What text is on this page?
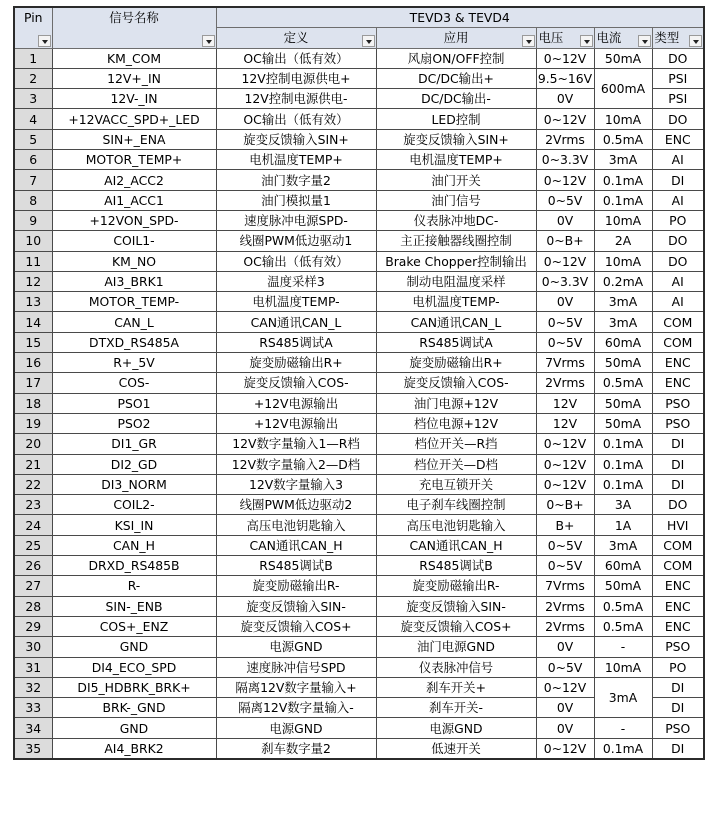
Pin	信号名称	TEVD3 & TEVD4				

		定义	应用	电压	电流	类型

1	KM_COM	OC输出（低有效）	风扇ON/OFF控制	0~12V	50mA	DO
2	12V+_IN	12V控制电源供电+	DC/DC输出+	9.5~16V	600mA	PSI
3	12V-_IN	12V控制电源供电-	DC/DC输出-	0V		PSI
4	+12VACC_SPD+_LED	OC输出（低有效）	LED控制	0~12V	10mA	DO
5	SIN+_ENA	旋变反馈输入SIN+	旋变反馈输入SIN+	2Vrms	0.5mA	ENC
6	MOTOR_TEMP+	电机温度TEMP+	电机温度TEMP+	0~3.3V	3mA	AI
7	AI2_ACC2	油门数字量2	油门开关	0~12V	0.1mA	DI
8	AI1_ACC1	油门模拟量1	油门信号	0~5V	0.1mA	AI
9	+12VON_SPD-	速度脉冲电源SPD-	仪表脉冲地DC-	0V	10mA	PO
10	COIL1-	线圈PWM低边驱动1	主正接触器线圈控制	0~B+	2A	DO
11	KM_NO	OC输出（低有效）	Brake Chopper控制输出	0~12V	10mA	DO
12	AI3_BRK1	温度采样3	制动电阻温度采样	0~3.3V	0.2mA	AI
13	MOTOR_TEMP-	电机温度TEMP-	电机温度TEMP-	0V	3mA	AI
14	CAN_L	CAN通讯CAN_L	CAN通讯CAN_L	0~5V	3mA	COM
15	DTXD_RS485A	RS485调试A	RS485调试A	0~5V	60mA	COM
16	R+_5V	旋变励磁输出R+	旋变励磁输出R+	7Vrms	50mA	ENC
17	COS-	旋变反馈输入COS-	旋变反馈输入COS-	2Vrms	0.5mA	ENC
18	PSO1	+12V电源输出	油门电源+12V	12V	50mA	PSO
19	PSO2	+12V电源输出	档位电源+12V	12V	50mA	PSO
20	DI1_GR	12V数字量输入1—R档	档位开关—R挡	0~12V	0.1mA	DI
21	DI2_GD	12V数字量输入2—D档	档位开关—D档	0~12V	0.1mA	DI
22	DI3_NORM	12V数字量输入3	充电互锁开关	0~12V	0.1mA	DI
23	COIL2-	线圈PWM低边驱动2	电子刹车线圈控制	0~B+	3A	DO
24	KSI_IN	高压电池钥匙输入	高压电池钥匙输入	B+	1A	HVI
25	CAN_H	CAN通讯CAN_H	CAN通讯CAN_H	0~5V	3mA	COM
26	DRXD_RS485B	RS485调试B	RS485调试B	0~5V	60mA	COM
27	R-	旋变励磁输出R-	旋变励磁输出R-	7Vrms	50mA	ENC
28	SIN-_ENB	旋变反馈输入SIN-	旋变反馈输入SIN-	2Vrms	0.5mA	ENC
29	COS+_ENZ	旋变反馈输入COS+	旋变反馈输入COS+	2Vrms	0.5mA	ENC
30	GND	电源GND	油门电源GND	0V	-	PSO
31	DI4_ECO_SPD	速度脉冲信号SPD	仪表脉冲信号	0~5V	10mA	PO
32	DI5_HDBRK_BRK+	隔离12V数字量输入+	刹车开关+	0~12V	3mA	DI
33	BRK-_GND	隔离12V数字量输入-	刹车开关-	0V		DI
34	GND	电源GND	电源GND	0V	-	PSO
35	AI4_BRK2	刹车数字量2	低速开关	0~12V	0.1mA	DI
